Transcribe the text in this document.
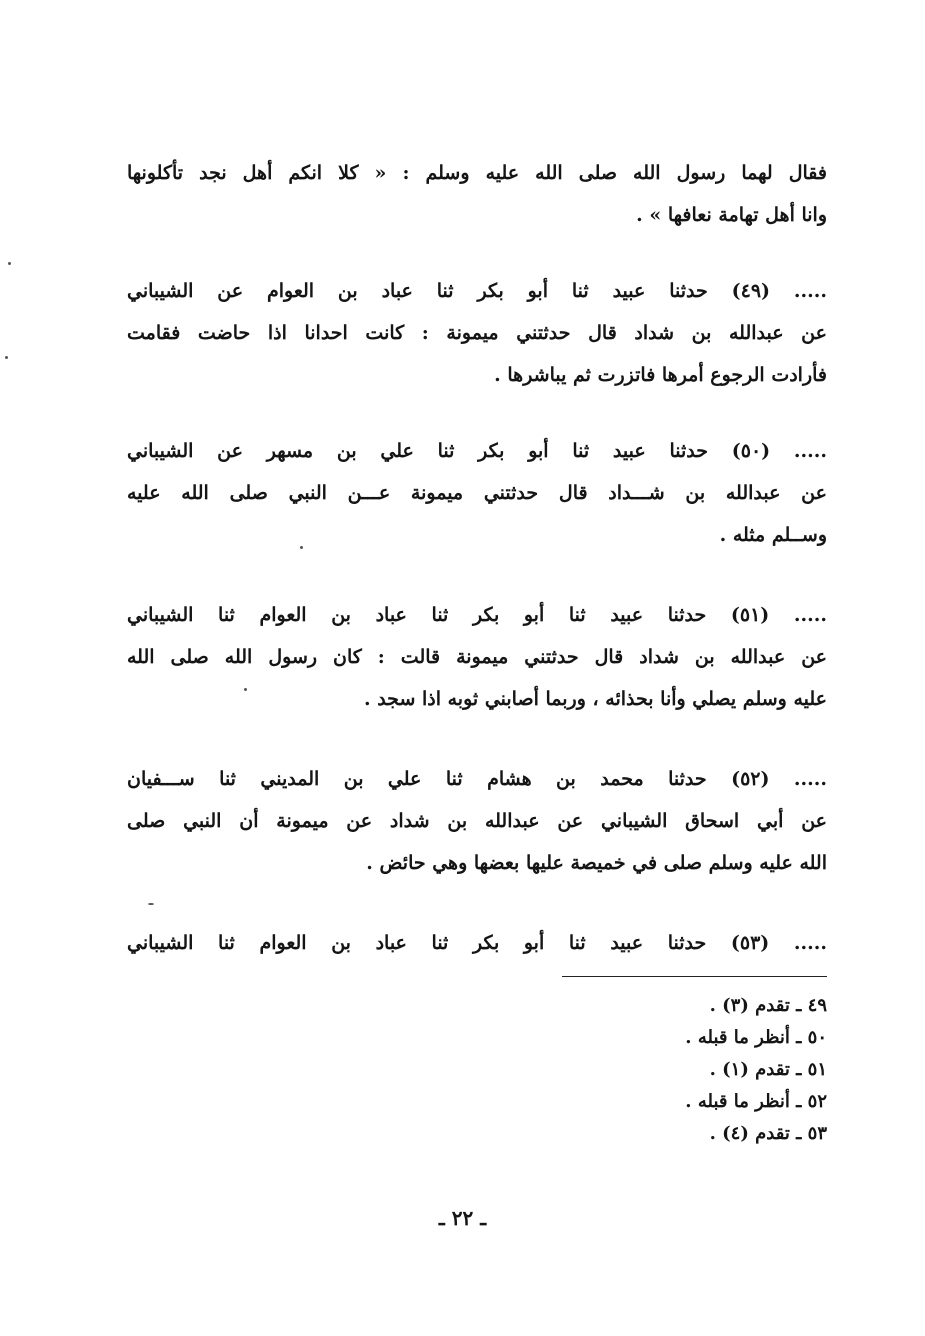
فقال لهما رسول الله صلى الله عليه وسلم : « كلا انكم أهل نجد تأكلونها
وانا أهل تهامة نعافها » .
..... (٤٩) حدثنا عبيد ثنا أبو بكر ثنا عباد بن العوام عن الشيباني
عن عبدالله بن شداد قال حدثتني ميمونة : كانت احدانا اذا حاضت فقامت
فأرادت الرجوع أمرها فاتزرت ثم يباشرها .
..... (٥٠) حدثنا عبيد ثنا أبو بكر ثنا علي بن مسهر عن الشيباني
عن عبدالله بن شـــداد قال حدثتني ميمونة عـــن النبي صلى الله عليه
وســلم مثله .
..... (٥١) حدثنا عبيد ثنا أبو بكر ثنا عباد بن العوام ثنا الشيباني
عن عبدالله بن شداد قال حدثتني ميمونة قالت : كان رسول الله صلى الله
عليه وسلم يصلي وأنا بحذائه ، وربما أصابني ثوبه اذا سجد .
..... (٥٢) حدثنا محمد بن هشام ثنا علي بن المديني ثنا ســـفيان
عن أبي اسحاق الشيباني عن عبدالله بن شداد عن ميمونة أن النبي صلى
الله عليه وسلم صلى في خميصة عليها بعضها وهي حائض .
..... (٥٣) حدثنا عبيد ثنا أبو بكر ثنا عباد بن العوام ثنا الشيباني
٤٩ ـ تقدم (٣) .
٥٠ ـ أنظر ما قبله .
٥١ ـ تقدم (١) .
٥٢ ـ أنظر ما قبله .
٥٣ ـ تقدم (٤) .
ـ ٢٢ ـ
